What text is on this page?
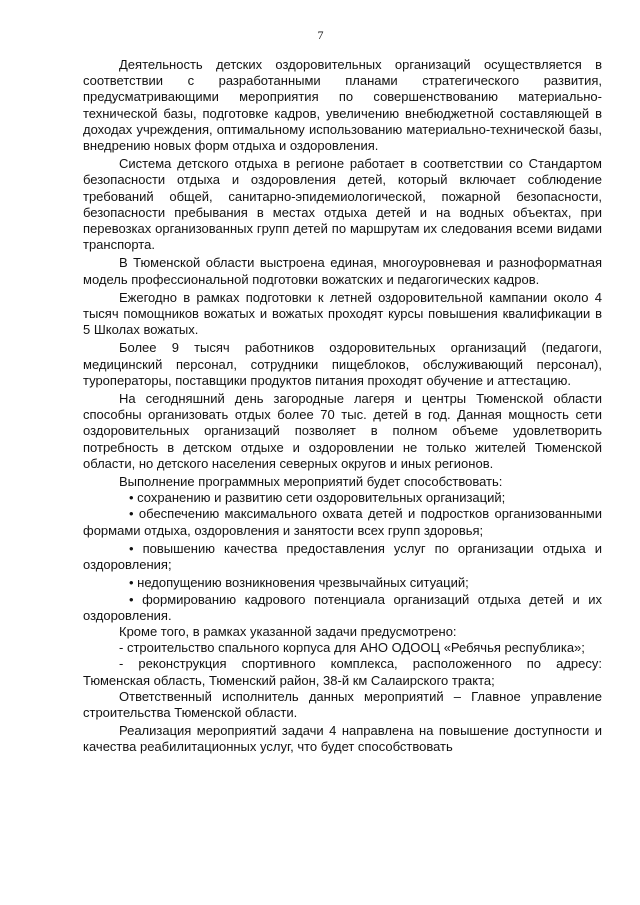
7

Деятельность детских оздоровительных организаций осуществляется в соответствии с разработанными планами стратегического развития, предусматривающими мероприятия по совершенствованию материально-технической базы, подготовке кадров, увеличению внебюджетной составляющей в доходах учреждения, оптимальному использованию материально-технической базы, внедрению новых форм отдыха и оздоровления.

Система детского отдыха в регионе работает в соответствии со Стандартом безопасности отдыха и оздоровления детей, который включает соблюдение требований общей, санитарно-эпидемиологической, пожарной безопасности, безопасности пребывания в местах отдыха детей и на водных объектах, при перевозках организованных групп детей по маршрутам их следования всеми видами транспорта.

В Тюменской области выстроена единая, многоуровневая и разноформатная модель профессиональной подготовки вожатских и педагогических кадров.

Ежегодно в рамках подготовки к летней оздоровительной кампании около 4 тысяч помощников вожатых и вожатых проходят курсы повышения квалификации в 5 Школах вожатых.

Более 9 тысяч работников оздоровительных организаций (педагоги, медицинский персонал, сотрудники пищеблоков, обслуживающий персонал), туроператоры, поставщики продуктов питания проходят обучение и аттестацию.

На сегодняшний день загородные лагеря и центры Тюменской области способны организовать отдых более 70 тыс. детей в год. Данная мощность сети оздоровительных организаций позволяет в полном объеме удовлетворить потребность в детском отдыхе и оздоровлении не только жителей Тюменской области, но детского населения северных округов и иных регионов.

Выполнение программных мероприятий будет способствовать:

• сохранению и развитию сети оздоровительных организаций;

• обеспечению максимального охвата детей и подростков организованными формами отдыха, оздоровления и занятости всех групп здоровья;

• повышению качества предоставления услуг по организации отдыха и оздоровления;

• недопущению возникновения чрезвычайных ситуаций;

• формированию кадрового потенциала организаций отдыха детей и их оздоровления.

Кроме того, в рамках указанной задачи предусмотрено:

- строительство спального корпуса для АНО ОДООЦ «Ребячья республика»;

- реконструкция спортивного комплекса, расположенного по адресу: Тюменская область, Тюменский район, 38-й км Салаирского тракта;

Ответственный исполнитель данных мероприятий – Главное управление строительства Тюменской области.

Реализация мероприятий задачи 4 направлена на повышение доступности и качества реабилитационных услуг, что будет способствовать
